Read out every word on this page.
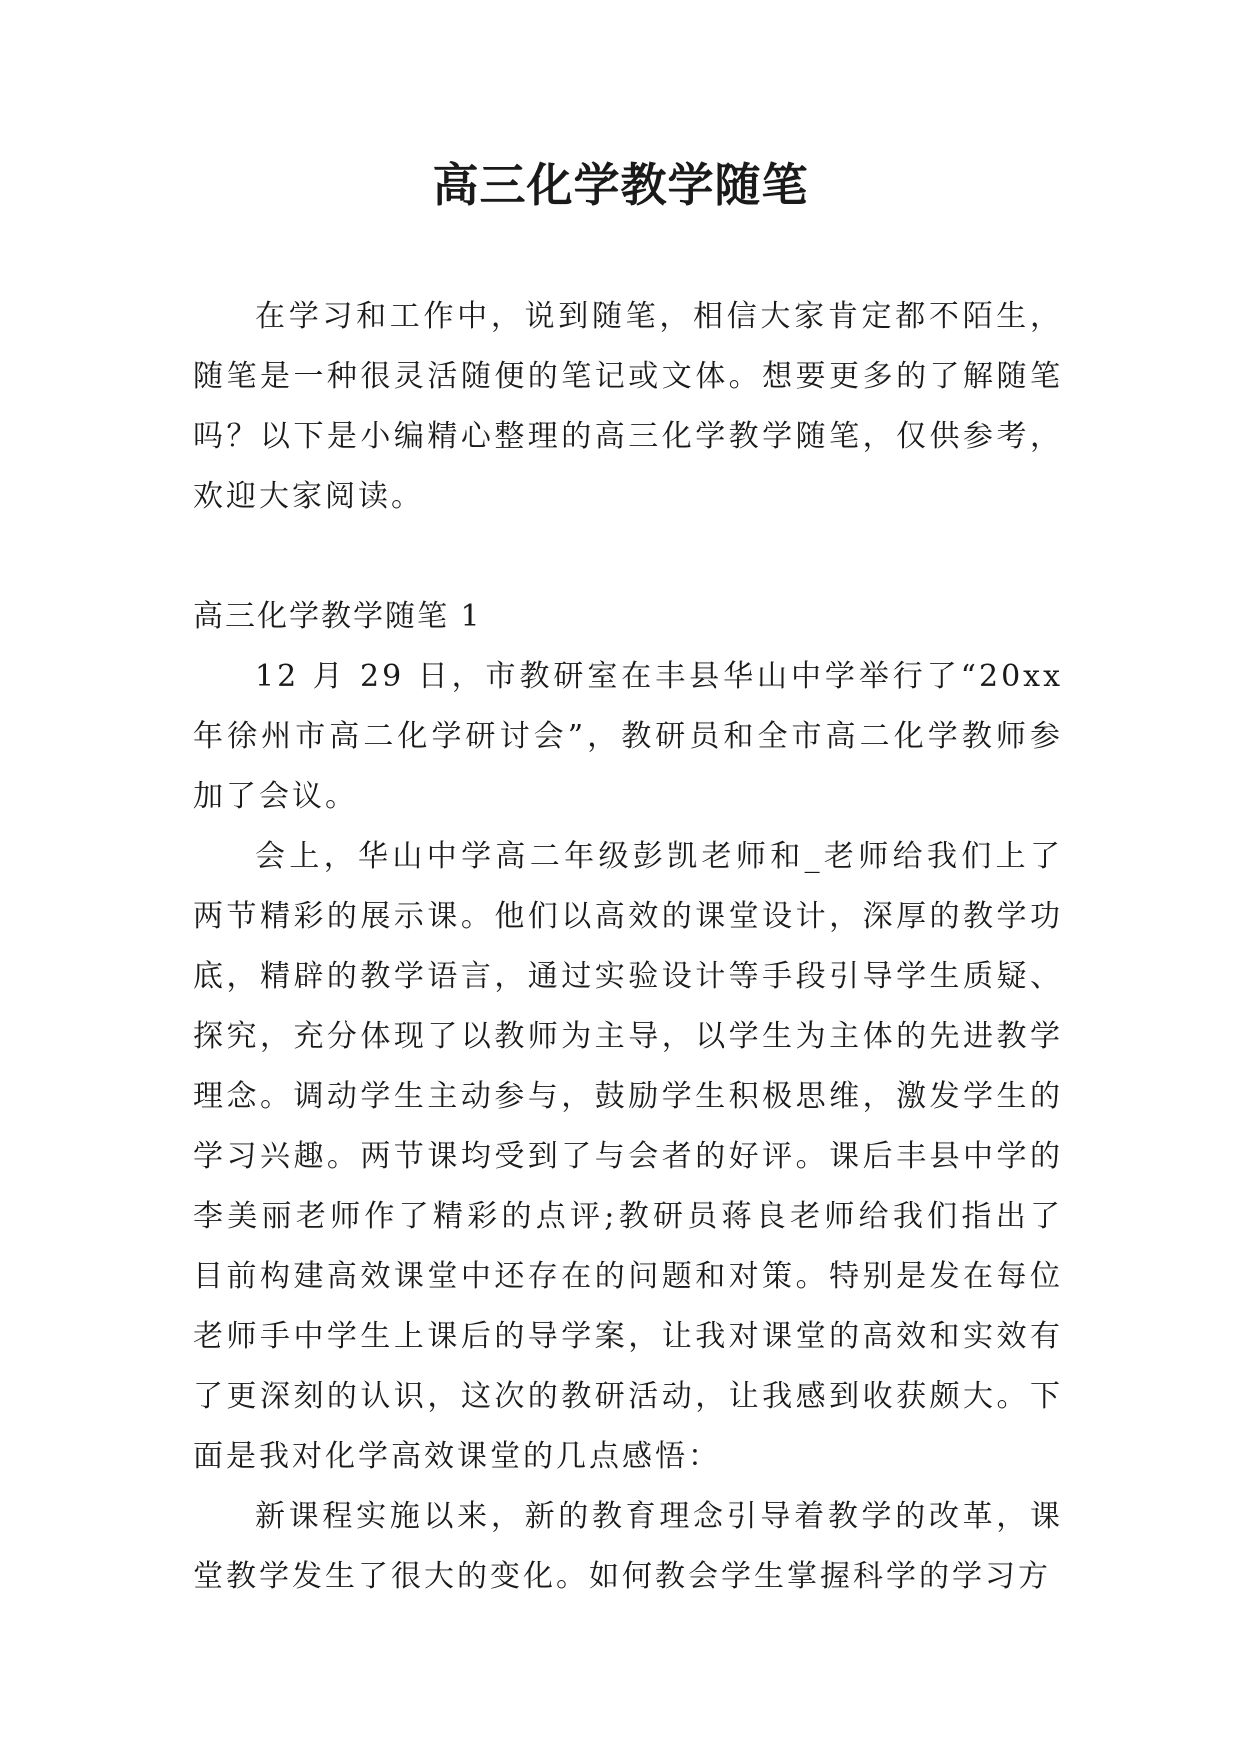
高三化学教学随笔

在学习和工作中，说到随笔，相信大家肯定都不陌生，随笔是一种很灵活随便的笔记或文体。想要更多的了解随笔吗？以下是小编精心整理的高三化学教学随笔，仅供参考，欢迎大家阅读。

高三化学教学随笔 1

12 月 29 日，市教研室在丰县华山中学举行了“20xx 年徐州市高二化学研讨会”，教研员和全市高二化学教师参加了会议。

会上，华山中学高二年级彭凯老师和_老师给我们上了两节精彩的展示课。他们以高效的课堂设计，深厚的教学功底，精辟的教学语言，通过实验设计等手段引导学生质疑、探究，充分体现了以教师为主导，以学生为主体的先进教学理念。调动学生主动参与，鼓励学生积极思维，激发学生的学习兴趣。两节课均受到了与会者的好评。课后丰县中学的李美丽老师作了精彩的点评;教研员蒋良老师给我们指出了目前构建高效课堂中还存在的问题和对策。特别是发在每位老师手中学生上课后的导学案，让我对课堂的高效和实效有了更深刻的认识，这次的教研活动，让我感到收获颇大。下面是我对化学高效课堂的几点感悟：

新课程实施以来，新的教育理念引导着教学的改革，课堂教学发生了很大的变化。如何教会学生掌握科学的学习方
